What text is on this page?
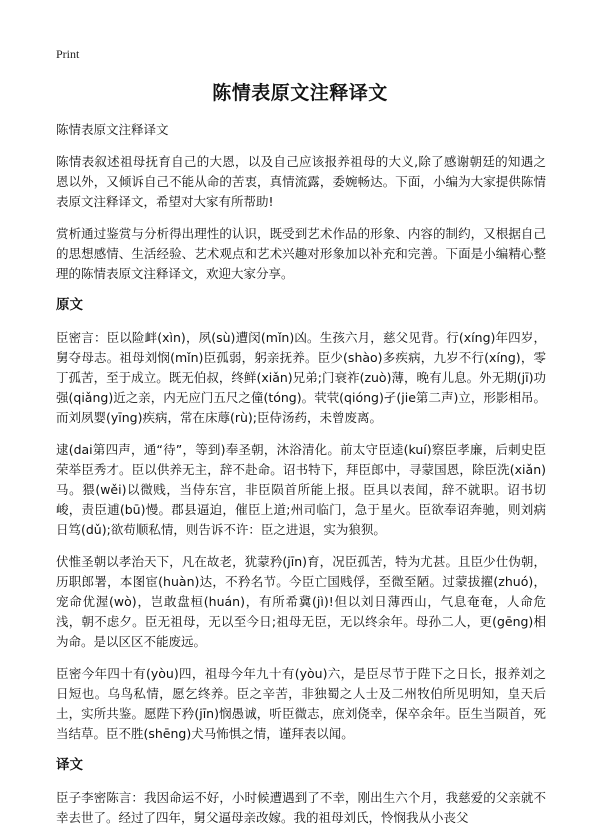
Print
陈情表原文注释译文
陈情表原文注释译文

陈情表叙述祖母抚育自己的大恩，以及自己应该报养祖母的大义,除了感谢朝廷的知遇之恩以外，又倾诉自己不能从命的苦衷，真情流露，委婉畅达。下面，小编为大家提供陈情表原文注释译文，希望对大家有所帮助!

赏析通过鉴赏与分析得出理性的认识，既受到艺术作品的形象、内容的制约，又根据自己的思想感情、生活经验、艺术观点和艺术兴趣对形象加以补充和完善。下面是小编精心整理的陈情表原文注释译文，欢迎大家分享。

原文

臣密言：臣以险衅(xìn)，夙(sù)遭闵(mǐn)凶。生孩六月，慈父见背。行(xíng)年四岁，舅夺母志。祖母刘悯(mǐn)臣孤弱，躬亲抚养。臣少(shào)多疾病，九岁不行(xíng)，零丁孤苦，至于成立。既无伯叔，终鲜(xiǎn)兄弟;门衰祚(zuò)薄，晚有儿息。外无期(jī)功强(qiǎng)近之亲，内无应门五尺之僮(tóng)。茕茕(qióng)孑(jie第二声)立，形影相吊。而刘夙婴(yīng)疾病，常在床蓐(rù);臣侍汤药，未曾废离。

逮(dai第四声，通“待”，等到)奉圣朝，沐浴清化。前太守臣逵(kuí)察臣孝廉，后刺史臣荣举臣秀才。臣以供养无主，辞不赴命。诏书特下，拜臣郎中，寻蒙国恩，除臣洗(xiǎn)马。猥(wěi)以微贱，当侍东宫，非臣陨首所能上报。臣具以表闻，辞不就职。诏书切峻，责臣逋(bū)慢。郡县逼迫，催臣上道;州司临门，急于星火。臣欲奉诏奔驰，则刘病日笃(dǔ);欲苟顺私情，则告诉不许：臣之进退，实为狼狈。

伏惟圣朝以孝治天下，凡在故老，犹蒙矜(jīn)育，况臣孤苦，特为尤甚。且臣少仕伪朝，历职郎署，本图宦(huàn)达，不矜名节。今臣亡国贱俘，至微至陋。过蒙拔擢(zhuó)，宠命优渥(wò)，岂敢盘桓(huán)，有所希冀(jì)!但以刘日薄西山，气息奄奄，人命危浅，朝不虑夕。臣无祖母，无以至今日;祖母无臣，无以终余年。母孙二人，更(gēng)相为命。是以区区不能废远。

臣密今年四十有(yòu)四，祖母今年九十有(yòu)六，是臣尽节于陛下之日长，报养刘之日短也。乌鸟私情，愿乞终养。臣之辛苦，非独蜀之人士及二州牧伯所见明知，皇天后土，实所共鉴。愿陛下矜(jīn)悯愚诚，听臣微志，庶刘侥幸，保卒余年。臣生当陨首，死当结草。臣不胜(shēng)犬马怖惧之情，谨拜表以闻。

译文

臣子李密陈言：我因命运不好，小时候遭遇到了不幸，刚出生六个月，我慈爱的父亲就不幸去世了。经过了四年，舅父逼母亲改嫁。我的祖母刘氏，怜悯我从小丧父
